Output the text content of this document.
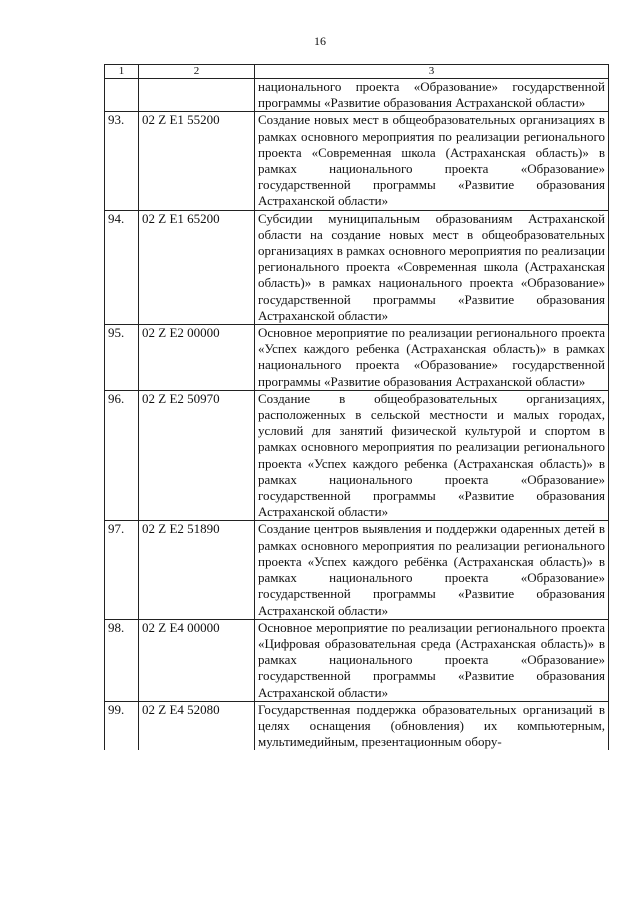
16
1	2	3
		национального проекта «Образование» государственной программы «Развитие образования Астраханской области»
93.	02 Z E1 55200	Создание новых мест в общеобразовательных организациях в рамках основного мероприятия по реализации регионального проекта «Современная школа (Астраханская область)» в рамках национального проекта «Образование» государственной программы «Развитие образования Астраханской области»
94.	02 Z E1 65200	Субсидии муниципальным образованиям Астраханской области на создание новых мест в общеобразовательных организациях в рамках основного мероприятия по реализации регионального проекта «Современная школа (Астраханская область)» в рамках национального проекта «Образование» государственной программы «Развитие образования Астраханской области»
95.	02 Z E2 00000	Основное мероприятие по реализации регионального проекта «Успех каждого ребенка (Астраханская область)» в рамках национального проекта «Образование» государственной программы «Развитие образования Астраханской области»
96.	02 Z E2 50970	Создание в общеобразовательных организациях, расположенных в сельской местности и малых городах, условий для занятий физической культурой и спортом в рамках основного мероприятия по реализации регионального проекта «Успех каждого ребенка (Астраханская область)» в рамках национального проекта «Образование» государственной программы «Развитие образования Астраханской области»
97.	02 Z E2 51890	Создание центров выявления и поддержки одаренных детей в рамках основного мероприятия по реализации регионального проекта «Успех каждого ребёнка (Астраханская область)» в рамках национального проекта «Образование» государственной программы «Развитие образования Астраханской области»
98.	02 Z E4 00000	Основное мероприятие по реализации регионального проекта «Цифровая образовательная среда (Астраханская область)» в рамках национального проекта «Образование» государственной программы «Развитие образования Астраханской области»
99.	02 Z E4 52080	Государственная поддержка образовательных организаций в целях оснащения (обновления) их компьютерным, мультимедийным, презентационным обору-
